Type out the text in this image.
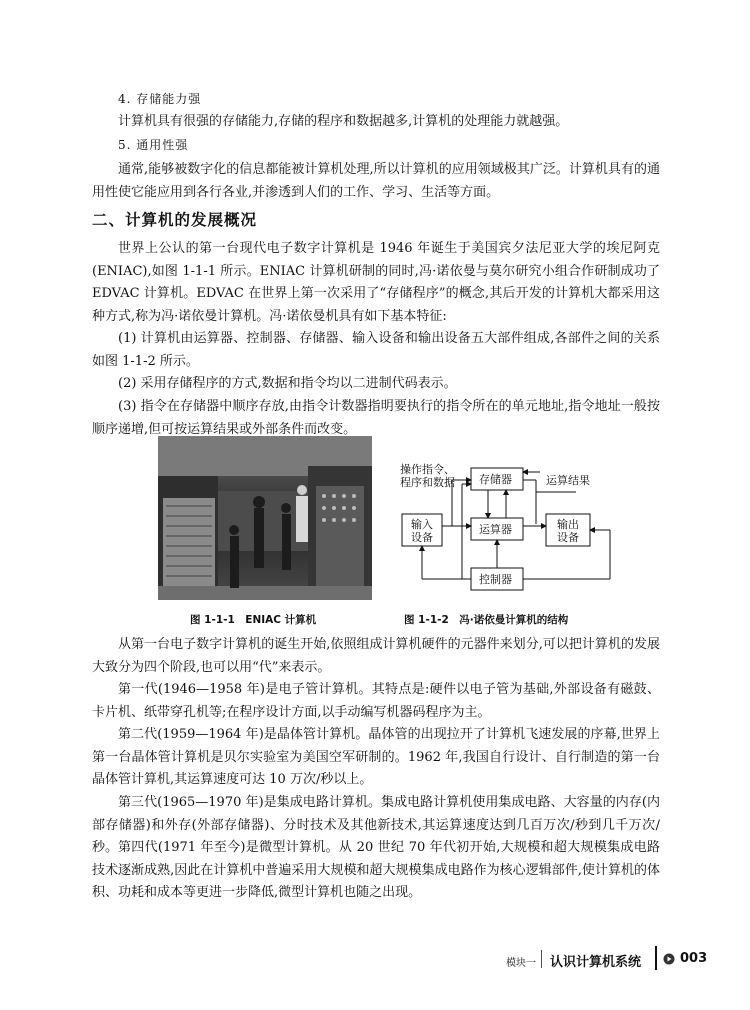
4. 存储能力强

计算机具有很强的存储能力,存储的程序和数据越多,计算机的处理能力就越强。

5. 通用性强

通常,能够被数字化的信息都能被计算机处理,所以计算机的应用领域极其广泛。计算机具有的通用性使它能应用到各行各业,并渗透到人们的工作、学习、生活等方面。

二、计算机的发展概况

世界上公认的第一台现代电子数字计算机是 1946 年诞生于美国宾夕法尼亚大学的埃尼阿克(ENIAC),如图 1-1-1 所示。ENIAC 计算机研制的同时,冯·诺依曼与莫尔研究小组合作研制成功了 EDVAC 计算机。EDVAC 在世界上第一次采用了“存储程序”的概念,其后开发的计算机大都采用这种方式,称为冯·诺依曼计算机。冯·诺依曼机具有如下基本特征:

(1) 计算机由运算器、控制器、存储器、输入设备和输出设备五大部件组成,各部件之间的关系如图 1-1-2 所示。

(2) 采用存储程序的方式,数据和指令均以二进制代码表示。

(3) 指令在存储器中顺序存放,由指令计数器指明要执行的指令所在的单元地址,指令地址一般按顺序递增,但可按运算结果或外部条件而改变。

图 1-1-1　ENIAC 计算机

操作指令、
程序和数据	运算结果
存储器
运算器
控制器
输入
设备
输出
设备

图 1-1-2　冯·诺依曼计算机的结构

从第一台电子数字计算机的诞生开始,依照组成计算机硬件的元器件来划分,可以把计算机的发展大致分为四个阶段,也可以用“代”来表示。

第一代(1946—1958 年)是电子管计算机。其特点是:硬件以电子管为基础,外部设备有磁鼓、卡片机、纸带穿孔机等;在程序设计方面,以手动编写机器码程序为主。

第二代(1959—1964 年)是晶体管计算机。晶体管的出现拉开了计算机飞速发展的序幕,世界上第一台晶体管计算机是贝尔实验室为美国空军研制的。1962 年,我国自行设计、自行制造的第一台晶体管计算机,其运算速度可达 10 万次/秒以上。

第三代(1965—1970 年)是集成电路计算机。集成电路计算机使用集成电路、大容量的内存(内部存储器)和外存(外部存储器)、分时技术及其他新技术,其运算速度达到几百万次/秒到几千万次/秒。 第四代(1971 年至今)是微型计算机。从 20 世纪 70 年代初开始,大规模和超大规模集成电路技术逐渐成熟,因此在计算机中普遍采用大规模和超大规模集成电路作为核心逻辑部件,使计算机的体积、功耗和成本等更进一步降低,微型计算机也随之出现。

模块一 认识计算机系统	003
